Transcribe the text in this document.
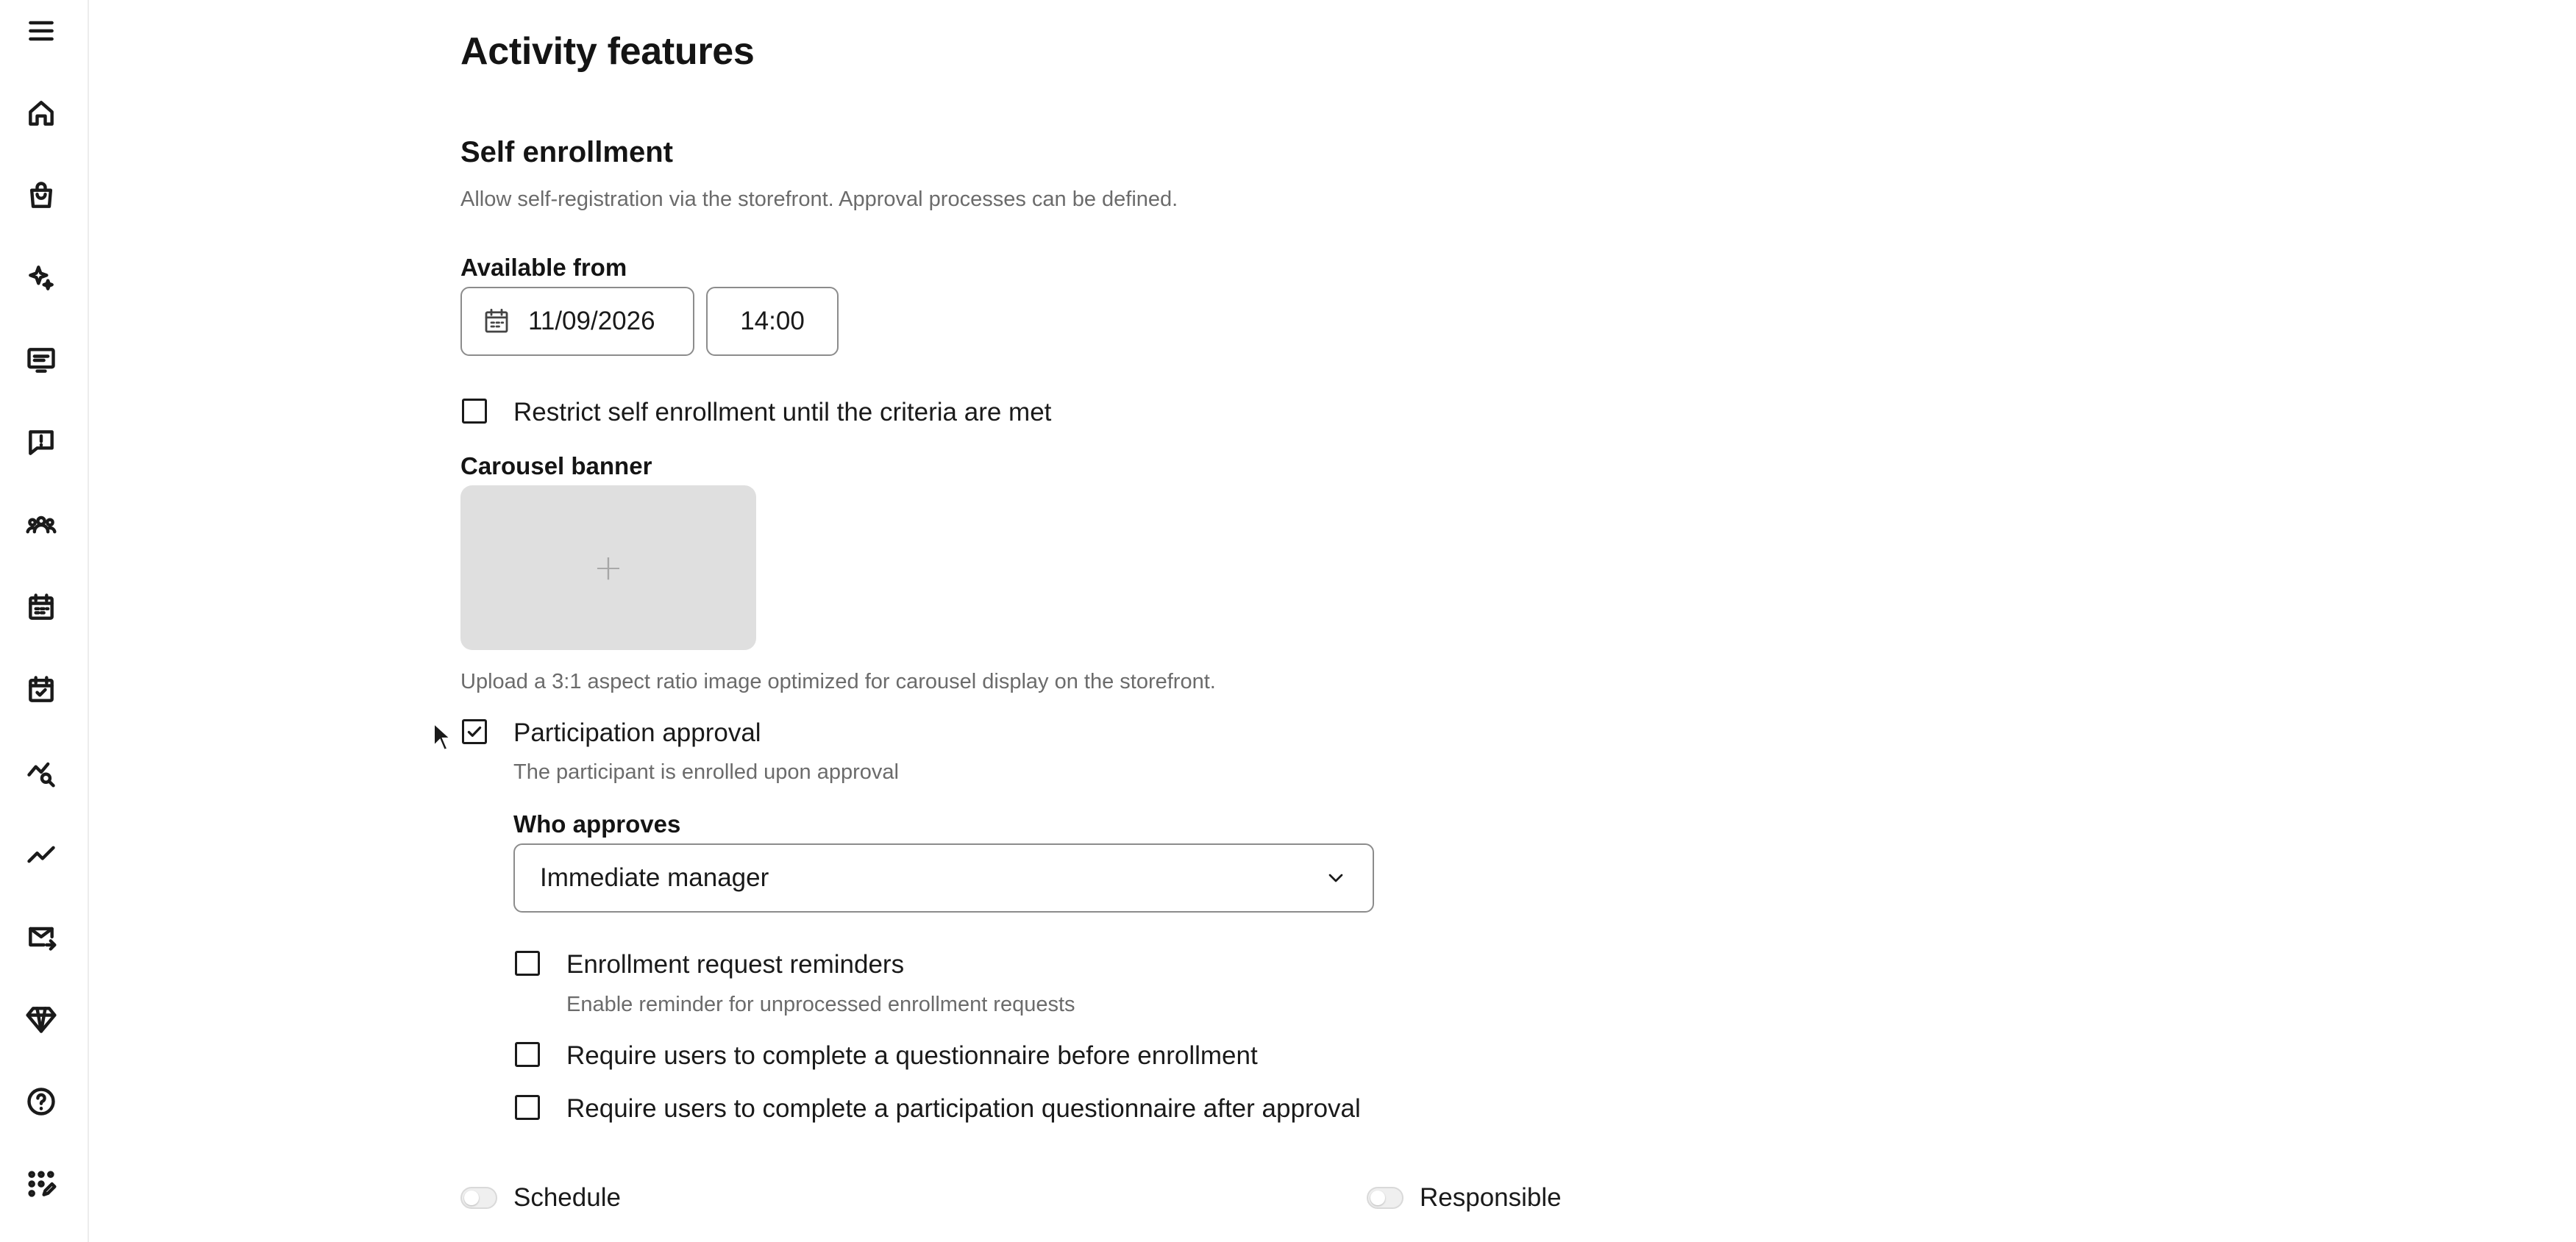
Activity features
Self enrollment

Allow self-registration via the storefront. Approval processes can be defined.

Available from
11/09/2026	14:00
Restrict self enrollment until the criteria are met
Carousel banner
+

Upload a 3:1 aspect ratio image optimized for carousel display on the storefront.

Participation approval

The participant is enrolled upon approval

Who approves
Immediate manager
Enrollment request reminders

Enable reminder for unprocessed enrollment requests

Require users to complete a questionnaire before enrollment
Require users to complete a participation questionnaire after approval
Schedule	Responsible
